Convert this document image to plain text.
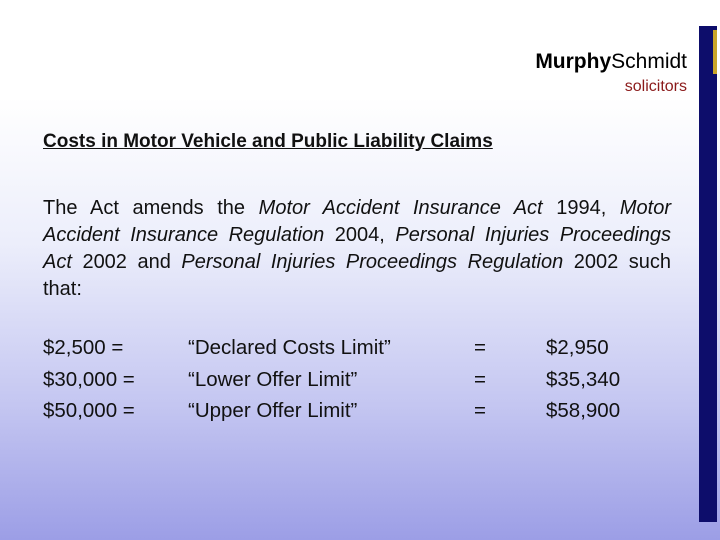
MurphySchmidt
solicitors
Costs in Motor Vehicle and Public Liability Claims

The Act amends the Motor Accident Insurance Act 1994, Motor Accident Insurance Regulation 2004, Personal Injuries Proceedings Act 2002 and Personal Injuries Proceedings Regulation 2002 such that:

$2,500 =	“Declared Costs Limit”	=	$2,950
$30,000 =	“Lower Offer Limit”	=	$35,340
$50,000 =	“Upper Offer Limit”	=	$58,900
